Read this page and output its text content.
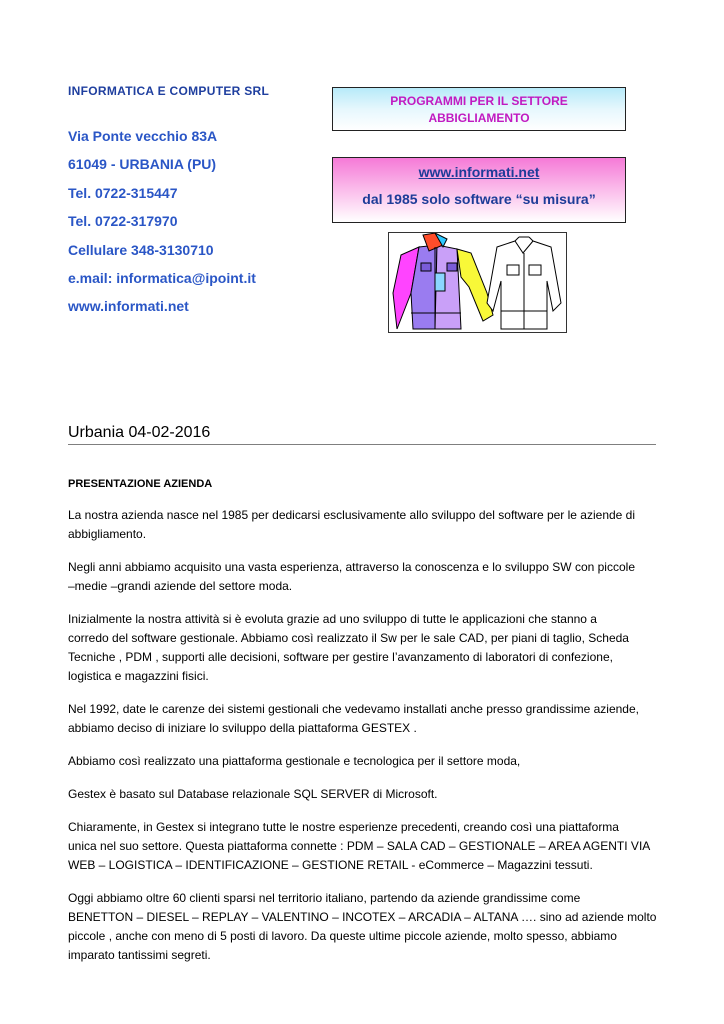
INFORMATICA E COMPUTER SRL
Via Ponte vecchio 83A
61049 - URBANIA (PU)
Tel. 0722-315447
Tel. 0722-317970
Cellulare 348-3130710
e.mail: informatica@ipoint.it
www.informati.net
PROGRAMMI PER IL SETTORE
ABBIGLIAMENTO
www.informati.net
dal 1985 solo software “su misura”
Urbania 04-02-2016
PRESENTAZIONE AZIENDA

La nostra azienda nasce nel 1985 per dedicarsi esclusivamente allo sviluppo del software per le aziende di
abbigliamento.

Negli anni abbiamo acquisito una vasta esperienza, attraverso la conoscenza e lo sviluppo SW con piccole
–medie –grandi aziende del settore moda.

Inizialmente la nostra attività si è evoluta grazie ad uno sviluppo di tutte le applicazioni che stanno a
corredo del software gestionale. Abbiamo così realizzato il Sw per le sale CAD, per piani di taglio, Scheda
Tecniche , PDM , supporti alle decisioni, software per gestire l’avanzamento di laboratori di confezione,
logistica e magazzini fisici.

Nel 1992, date le carenze dei sistemi gestionali che vedevamo installati anche presso grandissime aziende,
abbiamo deciso di iniziare lo sviluppo della piattaforma GESTEX .

Abbiamo così realizzato una piattaforma gestionale e tecnologica per il settore moda,

Gestex è basato sul Database relazionale SQL SERVER di Microsoft.

Chiaramente, in Gestex si integrano tutte le nostre esperienze precedenti, creando così una piattaforma
unica nel suo settore. Questa piattaforma connette : PDM – SALA CAD – GESTIONALE – AREA AGENTI VIA
WEB – LOGISTICA – IDENTIFICAZIONE – GESTIONE RETAIL - eCommerce – Magazzini tessuti.

Oggi abbiamo oltre 60 clienti sparsi nel territorio italiano, partendo da aziende grandissime come
BENETTON – DIESEL – REPLAY – VALENTINO – INCOTEX – ARCADIA – ALTANA …. sino ad aziende molto
piccole , anche con meno di 5 posti di lavoro. Da queste ultime piccole aziende, molto spesso, abbiamo
imparato tantissimi segreti.
